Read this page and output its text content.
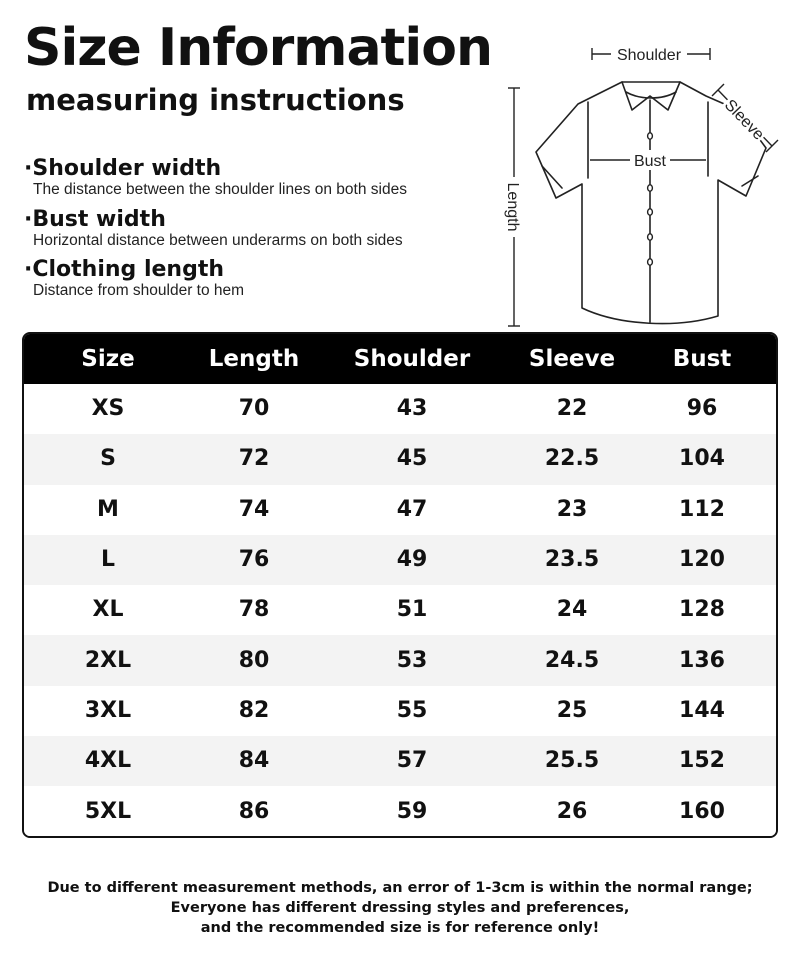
Size Information
measuring instructions
·Shoulder width
The distance between the shoulder lines on both sides
·Bust width
Horizontal distance between underarms on both sides
·Clothing length
Distance from shoulder to hem
Shoulder
Sleeve
Bust
Length
Size	Length	Shoulder	Sleeve	Bust
XS	70	43	22	96
S	72	45	22.5	104
M	74	47	23	112
L	76	49	23.5	120
XL	78	51	24	128
2XL	80	53	24.5	136
3XL	82	55	25	144
4XL	84	57	25.5	152
5XL	86	59	26	160
Due to different measurement methods, an error of 1-3cm is within the normal range;
Everyone has different dressing styles and preferences,
and the recommended size is for reference only!
